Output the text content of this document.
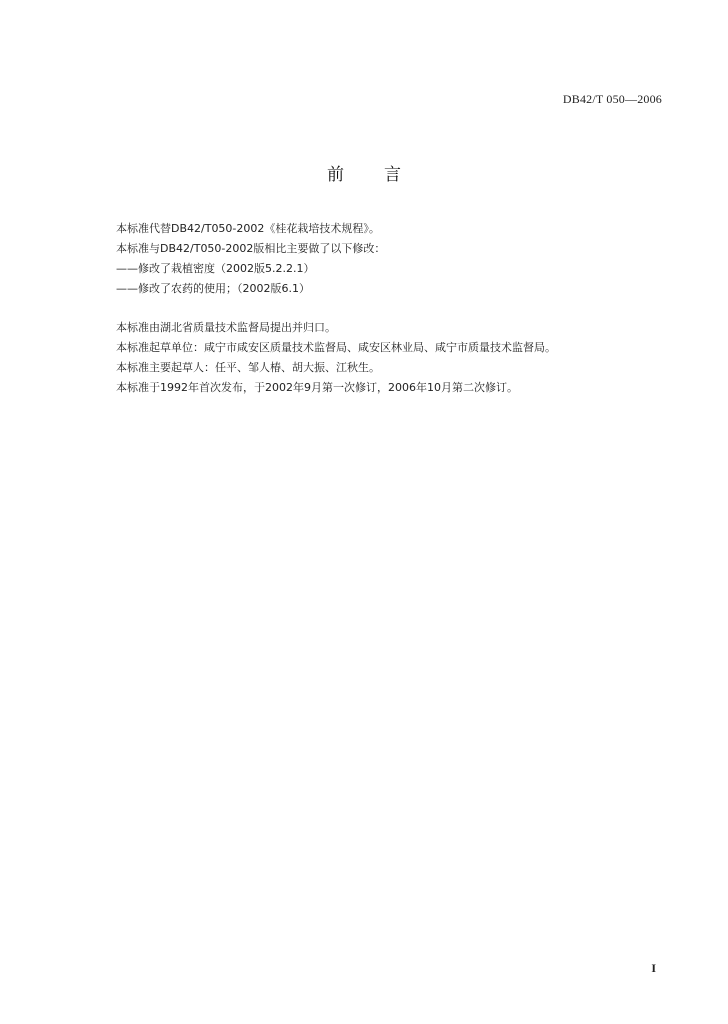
DB42/T 050—2006
前言
本标准代替DB42/T050-2002《桂花栽培技术规程》。
本标准与DB42/T050-2002版相比主要做了以下修改：
——修改了栽植密度（2002版5.2.2.1）
——修改了农药的使用；（2002版6.1）
本标准由湖北省质量技术监督局提出并归口。
本标准起草单位：咸宁市咸安区质量技术监督局、咸安区林业局、咸宁市质量技术监督局。
本标准主要起草人：任平、邹人椿、胡大振、江秋生。
本标准于1992年首次发布，于2002年9月第一次修订，2006年10月第二次修订。
I
